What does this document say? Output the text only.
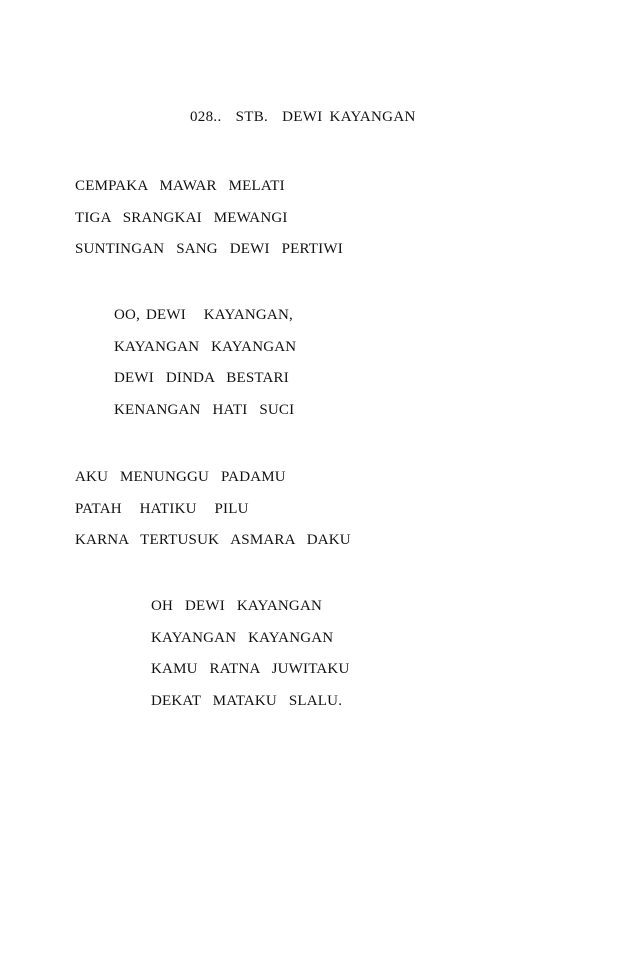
028..  STB.  DEWI KAYANGAN
CEMPAKA  MAWAR  MELATI
TIGA  SRANGKAI  MEWANGI
SUNTINGAN  SANG  DEWI  PERTIWI
OO, DEWI   KAYANGAN,
KAYANGAN  KAYANGAN
DEWI  DINDA  BESTARI
KENANGAN  HATI  SUCI
AKU  MENUNGGU  PADAMU
PATAH   HATIKU   PILU
KARNA  TERTUSUK  ASMARA  DAKU
OH  DEWI  KAYANGAN
KAYANGAN  KAYANGAN
KAMU  RATNA  JUWITAKU
DEKAT  MATAKU  SLALU.
